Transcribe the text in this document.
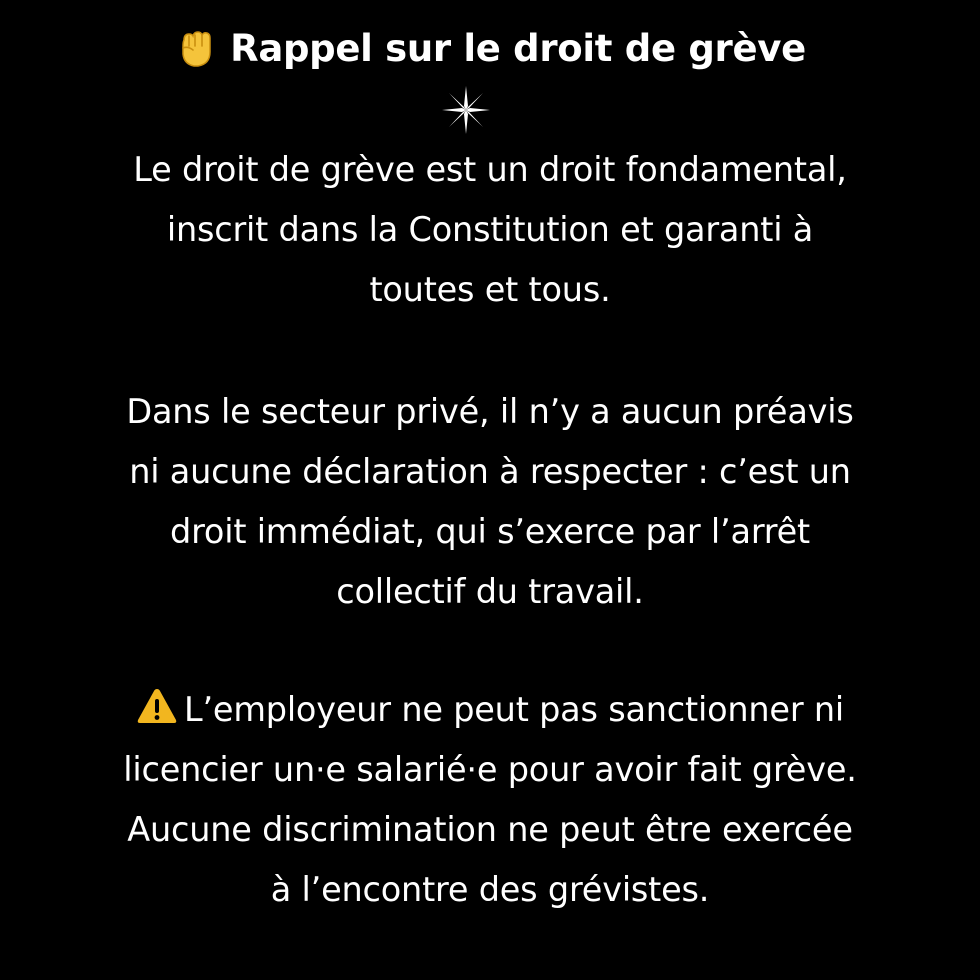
Rappel sur le droit de grève
Le droit de grève est un droit fondamental,
inscrit dans la Constitution et garanti à
toutes et tous.
Dans le secteur privé, il n’y a aucun préavis
ni aucune déclaration à respecter : c’est un
droit immédiat, qui s’exerce par l’arrêt
collectif du travail.
L’employeur ne peut pas sanctionner ni
licencier un·e salarié·e pour avoir fait grève.
Aucune discrimination ne peut être exercée
à l’encontre des grévistes.
